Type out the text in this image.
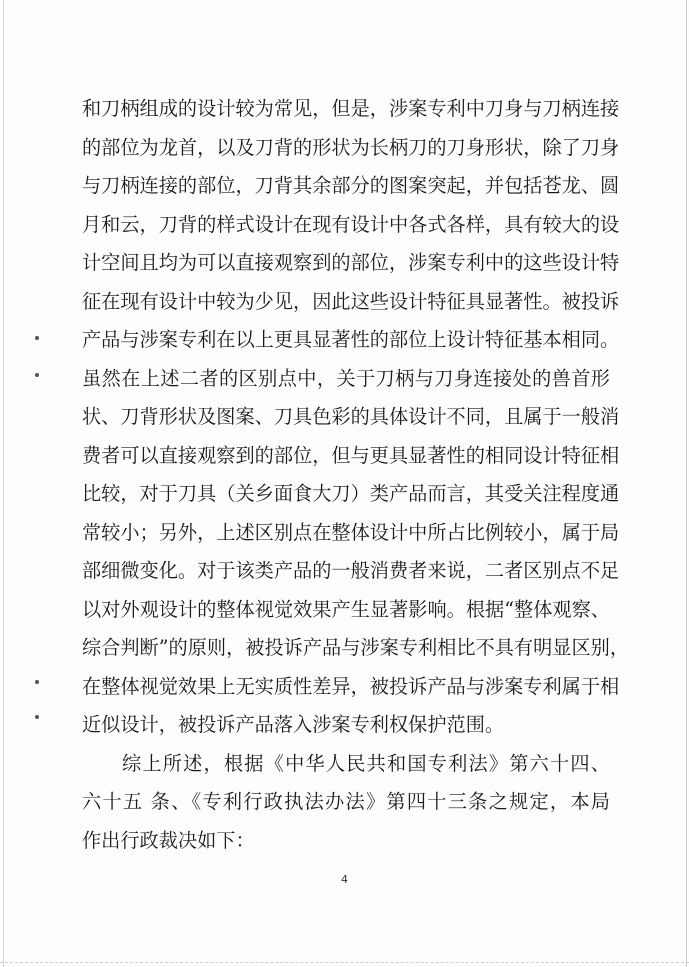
和刀柄组成的设计较为常见，但是，涉案专利中刀身与刀柄连接
的部位为龙首，以及刀背的形状为长柄刀的刀身形状，除了刀身
与刀柄连接的部位，刀背其余部分的图案突起，并包括苍龙、圆
月和云，刀背的样式设计在现有设计中各式各样，具有较大的设
计空间且均为可以直接观察到的部位，涉案专利中的这些设计特
征在现有设计中较为少见，因此这些设计特征具显著性。被投诉
产品与涉案专利在以上更具显著性的部位上设计特征基本相同。
虽然在上述二者的区别点中，关于刀柄与刀身连接处的兽首形
状、刀背形状及图案、刀具色彩的具体设计不同，且属于一般消
费者可以直接观察到的部位，但与更具显著性的相同设计特征相
比较，对于刀具（关乡面食大刀）类产品而言，其受关注程度通
常较小；另外，上述区别点在整体设计中所占比例较小，属于局
部细微变化。对于该类产品的一般消费者来说，二者区别点不足
以对外观设计的整体视觉效果产生显著影响。根据“整体观察、
综合判断”的原则，被投诉产品与涉案专利相比不具有明显区别，
在整体视觉效果上无实质性差异，被投诉产品与涉案专利属于相
近似设计，被投诉产品落入涉案专利权保护范围。
综上所述，根据《中华人民共和国专利法》第六十四、
4
六十五 条、《专利行政执法办法》第四十三条之规定，本局
作出行政裁决如下：
